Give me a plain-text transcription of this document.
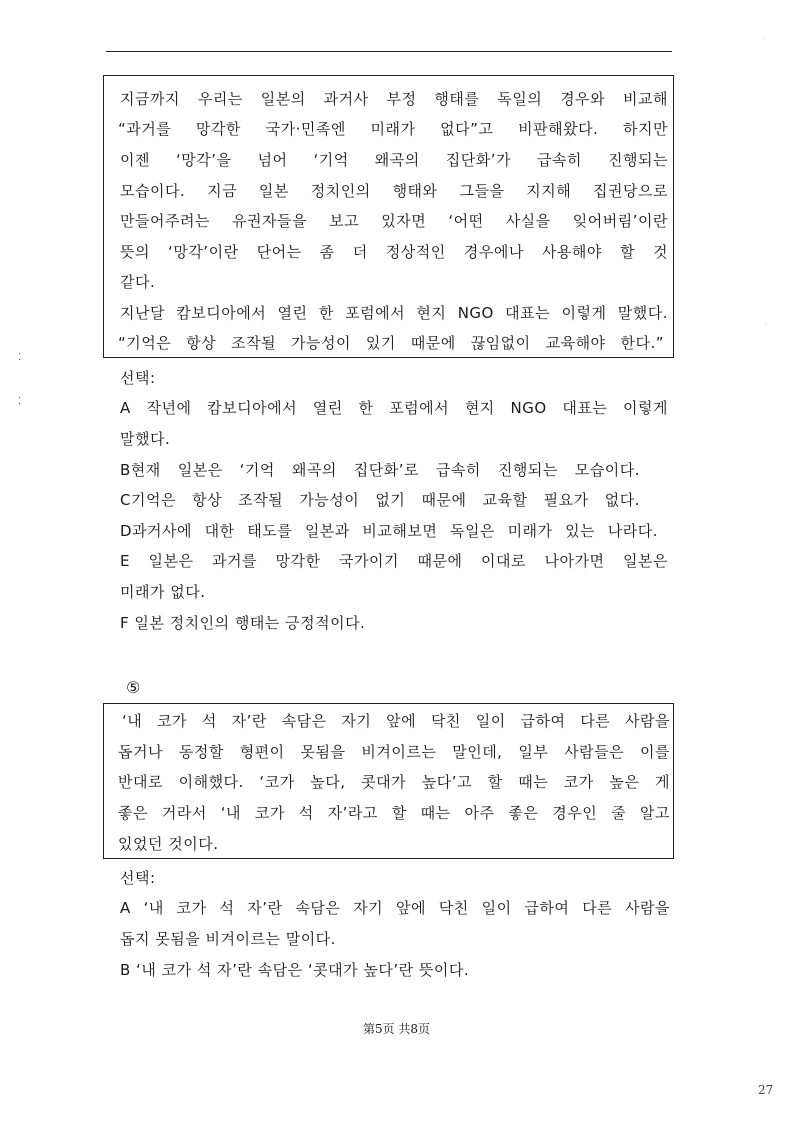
지금까지 우리는 일본의 과거사 부정 행태를 독일의 경우와 비교해
“과거를 망각한 국가·민족엔 미래가 없다”고 비판해왔다. 하지만
이젠 ‘망각’을 넘어 ‘기억 왜곡의 집단화’가 급속히 진행되는
모습이다. 지금 일본 정치인의 행태와 그들을 지지해 집권당으로
만들어주려는 유권자들을 보고 있자면 ‘어떤 사실을 잊어버림’이란
뜻의 ‘망각’이란 단어는 좀 더 정상적인 경우에나 사용해야 할 것
같다.
지난달 캄보디아에서 열린 한 포럼에서 현지 NGO 대표는 이렇게 말했다.
“기억은 항상 조작될 가능성이 있기 때문에 끊임없이 교육해야 한다.”
선택:
A 작년에 캄보디아에서 열린 한 포럼에서 현지 NGO 대표는 이렇게
말했다.
B현재 일본은 ‘기억 왜곡의 집단화’로 급속히 진행되는 모습이다.
C기억은 항상 조작될 가능성이 없기 때문에 교육할 필요가 없다.
D과거사에 대한 태도를 일본과 비교해보면 독일은 미래가 있는 나라다.
E 일본은 과거를 망각한 국가이기 때문에 이대로 나아가면 일본은
미래가 없다.
F 일본 정치인의 행태는 긍정적이다.
⑤
‘내 코가 석 자’란 속담은 자기 앞에 닥친 일이 급하여 다른 사람을
돕거나 동정할 형편이 못됨을 비겨이르는 말인데, 일부 사람들은 이를
반대로 이해했다. ‘코가 높다, 콧대가 높다’고 할 때는 코가 높은 게
좋은 거라서 ‘내 코가 석 자’라고 할 때는 아주 좋은 경우인 줄 알고
있었던 것이다.
선택:
A ‘내 코가 석 자’란 속담은 자기 앞에 닥친 일이 급하여 다른 사람을
돕지 못됨을 비겨이르는 말이다.
B ‘내 코가 석 자’란 속담은 ‘콧대가 높다’란 뜻이다.
第5页 共8页
27
⁚
⁚
·
·
